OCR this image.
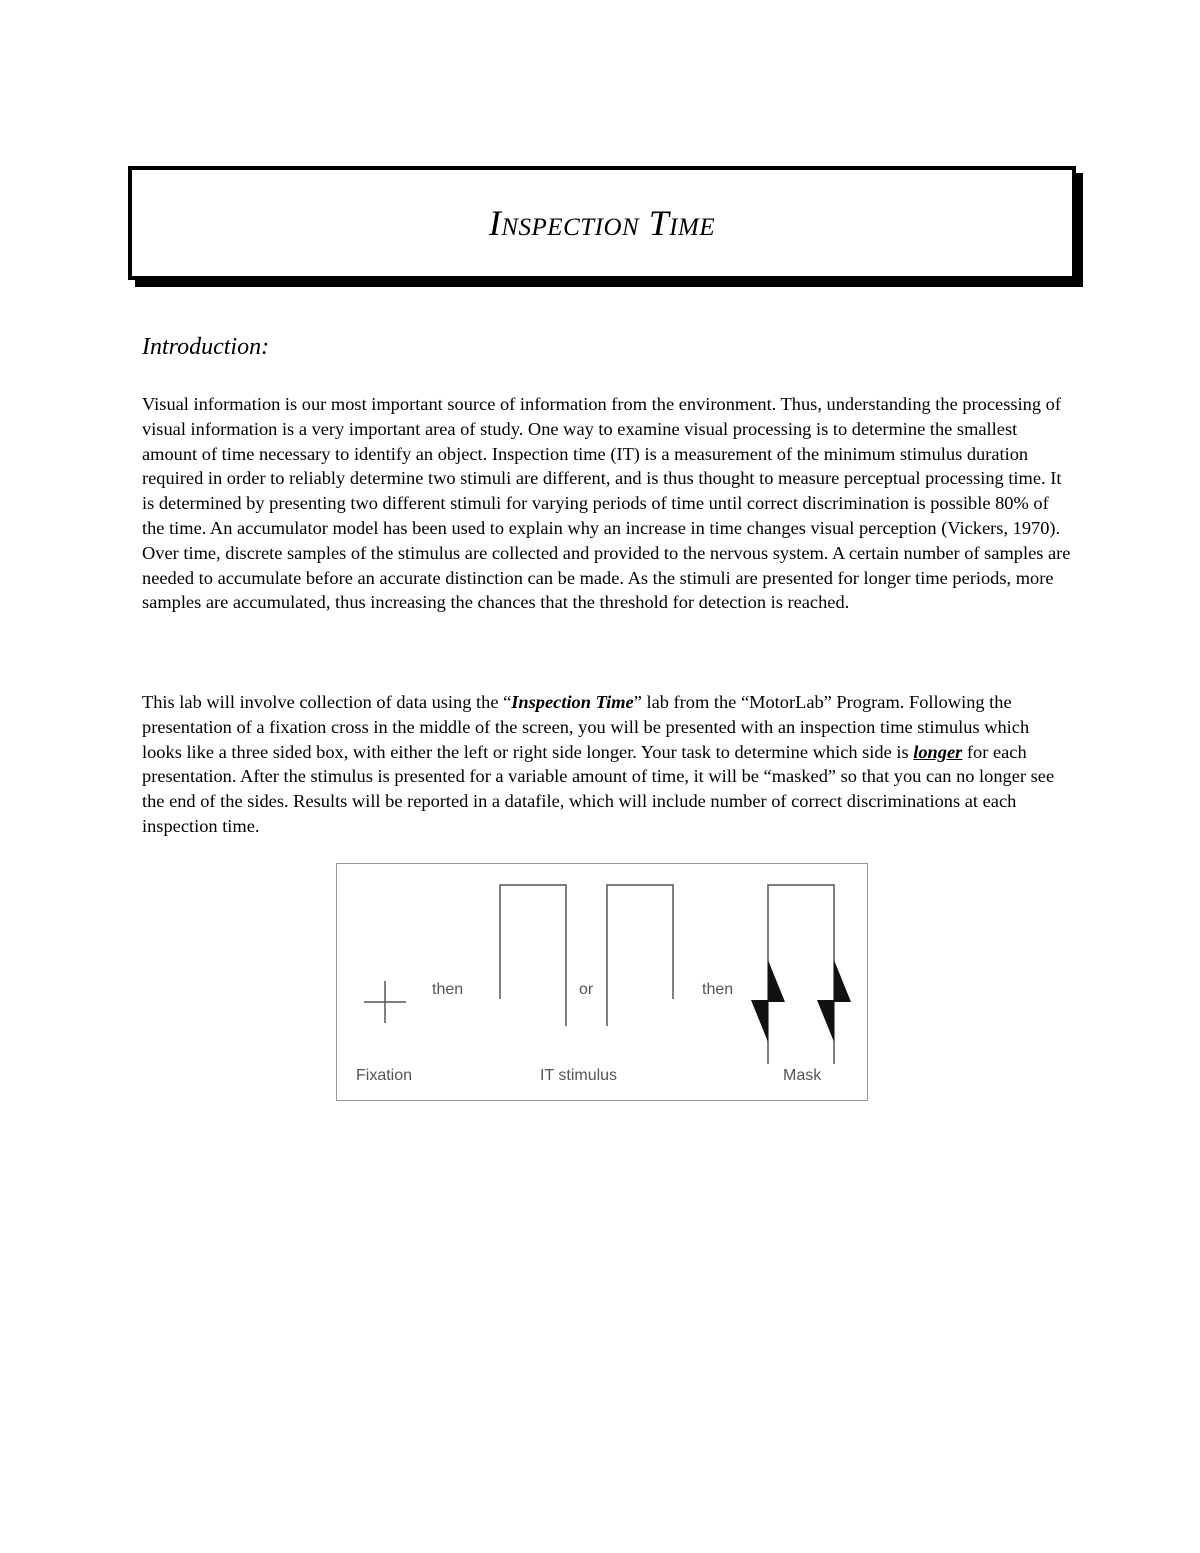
Inspection Time
Introduction:

Visual information is our most important source of information from the environment. Thus, understanding the processing of visual information is a very important area of study. One way to examine visual processing is to determine the smallest amount of time necessary to identify an object. Inspection time (IT) is a measurement of the minimum stimulus duration required in order to reliably determine two stimuli are different, and is thus thought to measure perceptual processing time. It is determined by presenting two different stimuli for varying periods of time until correct discrimination is possible 80% of the time. An accumulator model has been used to explain why an increase in time changes visual perception (Vickers, 1970). Over time, discrete samples of the stimulus are collected and provided to the nervous system. A certain number of samples are needed to accumulate before an accurate distinction can be made. As the stimuli are presented for longer time periods, more samples are accumulated, thus increasing the chances that the threshold for detection is reached.

This lab will involve collection of data using the “Inspection Time” lab from the “MotorLab” Program. Following the presentation of a fixation cross in the middle of the screen, you will be presented with an inspection time stimulus which looks like a three sided box, with either the left or right side longer. Your task to determine which side is longer for each presentation. After the stimulus is presented for a variable amount of time, it will be “masked” so that you can no longer see the end of the sides. Results will be reported in a datafile, which will include number of correct discriminations at each inspection time.

then	or	then
Fixation	IT stimulus	Mask
